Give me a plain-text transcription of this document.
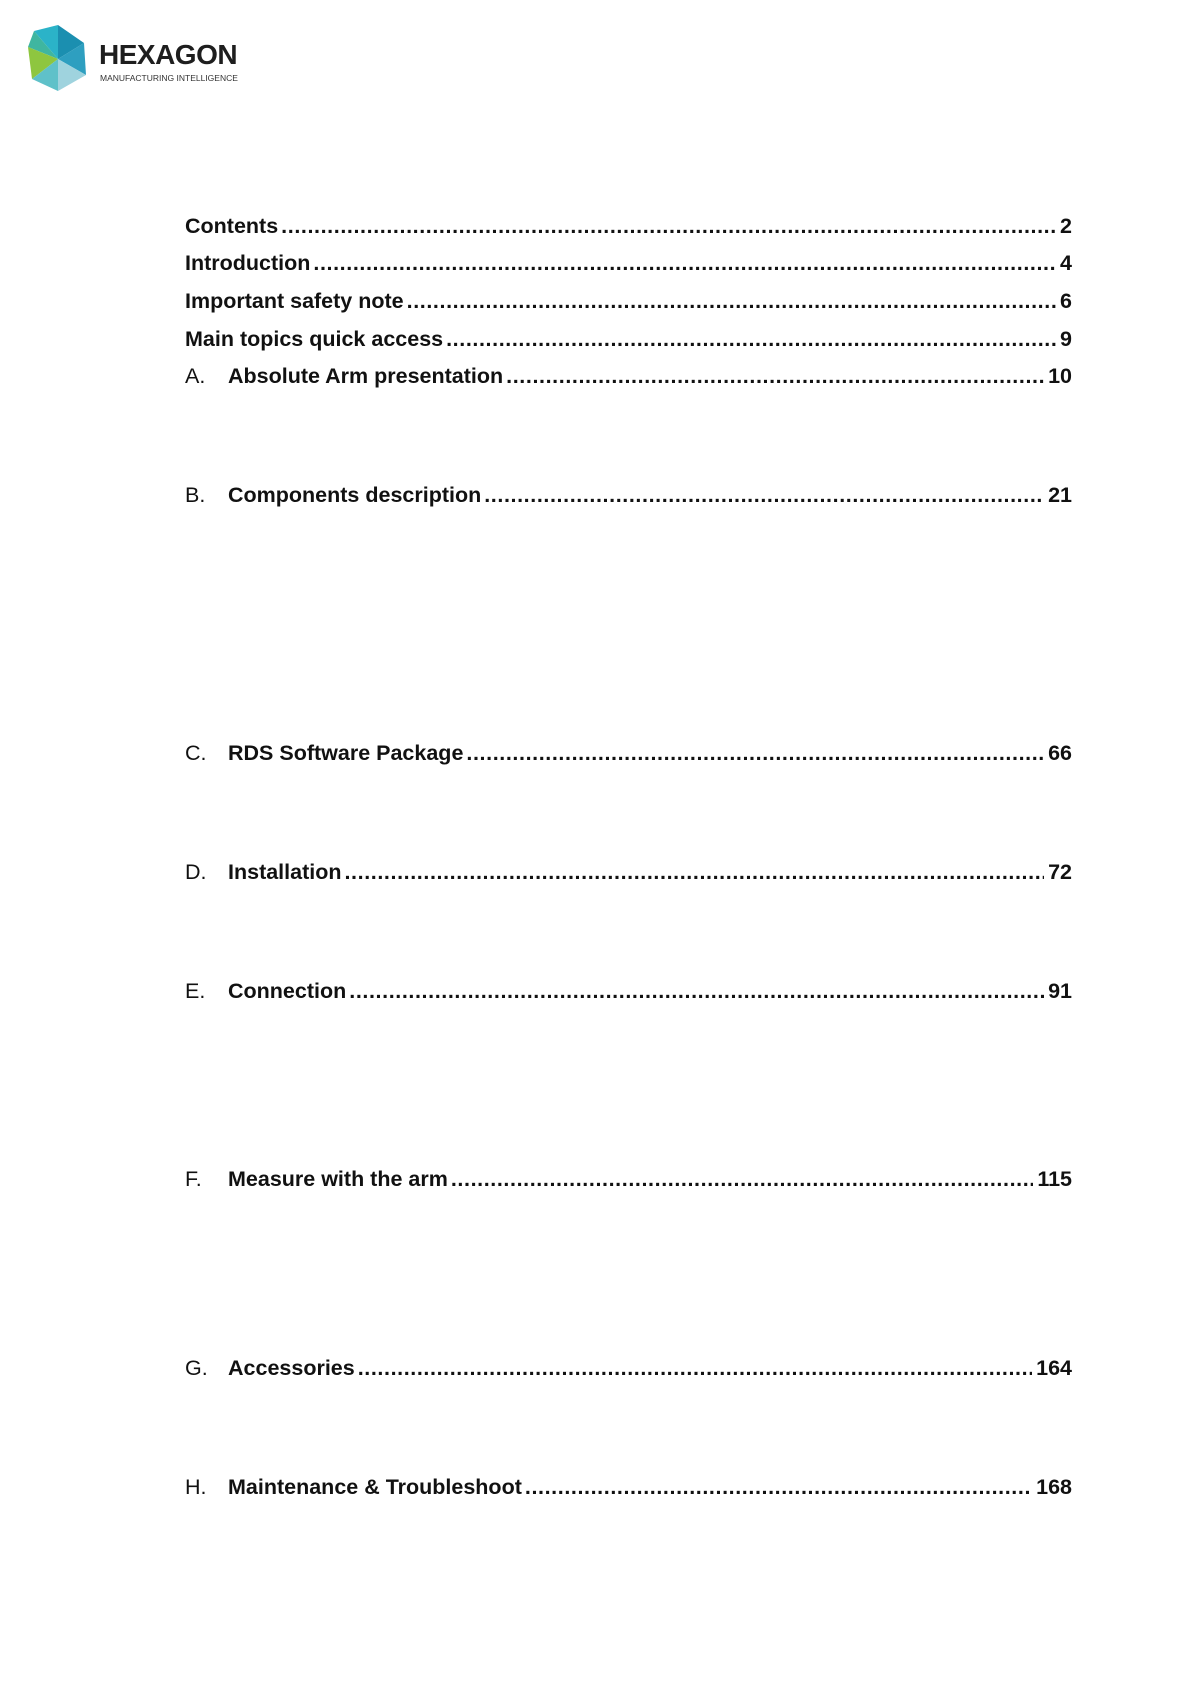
HEXAGON
MANUFACTURING INTELLIGENCE
Contents .....	2
Introduction .....	4
Important safety note .....	6
Main topics quick access .....	9
A.	Absolute Arm presentation .....	10
B.	Components description .....	21
C.	RDS Software Package .....	66
D.	Installation .....	72
E.	Connection .....	91
F.	Measure with the arm .....	115
G. Accessories .....	164
H.	Maintenance & Troubleshoot .....	168
